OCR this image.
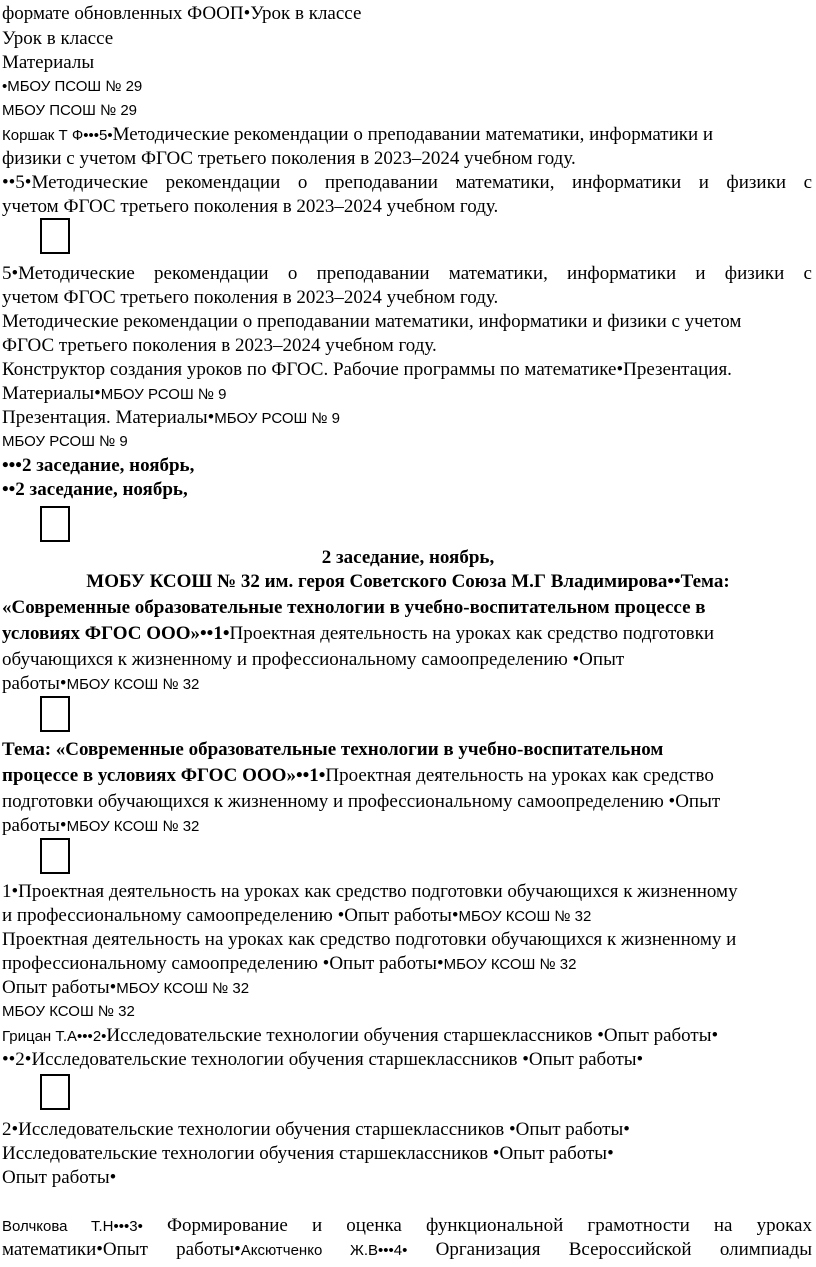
формате обновленных ФООП•Урок в классе
Урок в классе
Материалы
•МБОУ ПСОШ № 29
МБОУ ПСОШ № 29
Коршак Т Ф•••5•Методические рекомендации о преподавании математики, информатики и
физики с учетом ФГОС третьего поколения в 2023–2024 учебном году.
••5•Методические рекомендации о преподавании математики, информатики и физики с
учетом ФГОС третьего поколения в 2023–2024 учебном году.
5•Методические рекомендации о преподавании математики, информатики и физики с
учетом ФГОС третьего поколения в 2023–2024 учебном году.
Методические рекомендации о преподавании математики, информатики и физики с учетом
ФГОС третьего поколения в 2023–2024 учебном году.
Конструктор создания уроков по ФГОС. Рабочие программы по математике•Презентация.
Материалы•МБОУ РСОШ № 9
Презентация. Материалы•МБОУ РСОШ № 9
МБОУ РСОШ № 9
•••2 заседание, ноябрь,
••2 заседание, ноябрь,
2 заседание, ноябрь,
МОБУ КСОШ № 32 им. героя Советского Союза М.Г Владимирова••Тема:
«Современные образовательные технологии в учебно-воспитательном процессе в
условиях ФГОС ООО»••1•Проектная деятельность на уроках как средство подготовки
обучающихся к жизненному и профессиональному самоопределению •Опыт
работы•МБОУ КСОШ № 32
Тема: «Современные образовательные технологии в учебно-воспитательном
процессе в условиях ФГОС ООО»••1•Проектная деятельность на уроках как средство
подготовки обучающихся к жизненному и профессиональному самоопределению •Опыт
работы•МБОУ КСОШ № 32
1•Проектная деятельность на уроках как средство подготовки обучающихся к жизненному
и профессиональному самоопределению •Опыт работы•МБОУ КСОШ № 32
Проектная деятельность на уроках как средство подготовки обучающихся к жизненному и
профессиональному самоопределению •Опыт работы•МБОУ КСОШ № 32
Опыт работы•МБОУ КСОШ № 32
МБОУ КСОШ № 32
Грицан Т.А•••2•Исследовательские технологии обучения старшеклассников •Опыт работы•
••2•Исследовательские технологии обучения старшеклассников •Опыт работы•
2•Исследовательские технологии обучения старшеклассников •Опыт работы•
Исследовательские технологии обучения старшеклассников •Опыт работы•
Опыт работы•
Волчкова Т.Н•••3• Формирование и оценка функциональной грамотности на уроках
математики•Опыт работы•Аксютченко Ж.В•••4• Организация Всероссийской олимпиады
